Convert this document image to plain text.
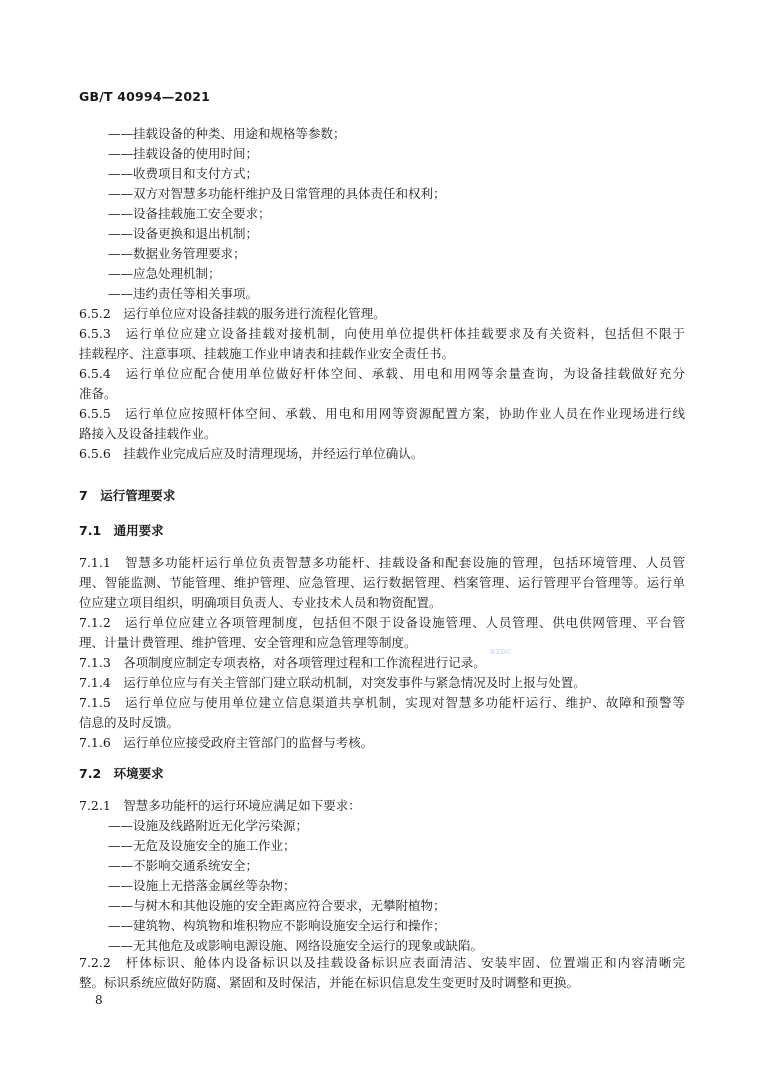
GB/T 40994—2021
——挂载设备的种类、用途和规格等参数；
——挂载设备的使用时间；
——收费项目和支付方式；
——双方对智慧多功能杆维护及日常管理的具体责任和权利；
——设备挂载施工安全要求；
——设备更换和退出机制；
——数据业务管理要求；
——应急处理机制；
——违约责任等相关事项。
6.5.2　运行单位应对设备挂载的服务进行流程化管理。
6.5.3　运行单位应建立设备挂载对接机制，向使用单位提供杆体挂载要求及有关资料，包括但不限于
挂载程序、注意事项、挂载施工作业申请表和挂载作业安全责任书。
6.5.4　运行单位应配合使用单位做好杆体空间、承载、用电和用网等余量查询，为设备挂载做好充分
准备。
6.5.5　运行单位应按照杆体空间、承载、用电和用网等资源配置方案，协助作业人员在作业现场进行线
路接入及设备挂载作业。
6.5.6　挂载作业完成后应及时清理现场，并经运行单位确认。
7　运行管理要求
7.1　通用要求
7.1.1　智慧多功能杆运行单位负责智慧多功能杆、挂载设备和配套设施的管理，包括环境管理、人员管
理、智能监测、节能管理、维护管理、应急管理、运行数据管理、档案管理、运行管理平台管理等。运行单
位应建立项目组织，明确项目负责人、专业技术人员和物资配置。
7.1.2　运行单位应建立各项管理制度，包括但不限于设备设施管理、人员管理、供电供网管理、平台管
理、计量计费管理、维护管理、安全管理和应急管理等制度。
7.1.3　各项制度应制定专项表格，对各项管理过程和工作流程进行记录。
7.1.4　运行单位应与有关主管部门建立联动机制，对突发事件与紧急情况及时上报与处置。
7.1.5　运行单位应与使用单位建立信息渠道共享机制，实现对智慧多功能杆运行、维护、故障和预警等
信息的及时反馈。
7.1.6　运行单位应接受政府主管部门的监督与考核。
7.2　环境要求
7.2.1　智慧多功能杆的运行环境应满足如下要求：
——设施及线路附近无化学污染源；
——无危及设施安全的施工作业；
——不影响交通系统安全；
——设施上无搭落金属丝等杂物；
——与树木和其他设施的安全距离应符合要求，无攀附植物；
——建筑物、构筑物和堆积物应不影响设施安全运行和操作；
——无其他危及或影响电源设施、网络设施安全运行的现象或缺陷。
7.2.2　杆体标识、舱体内设备标识以及挂载设备标识应表面清洁、安装牢固、位置端正和内容清晰完
整。标识系统应做好防腐、紧固和及时保洁，并能在标识信息发生变更时及时调整和更换。
BZDC
8
